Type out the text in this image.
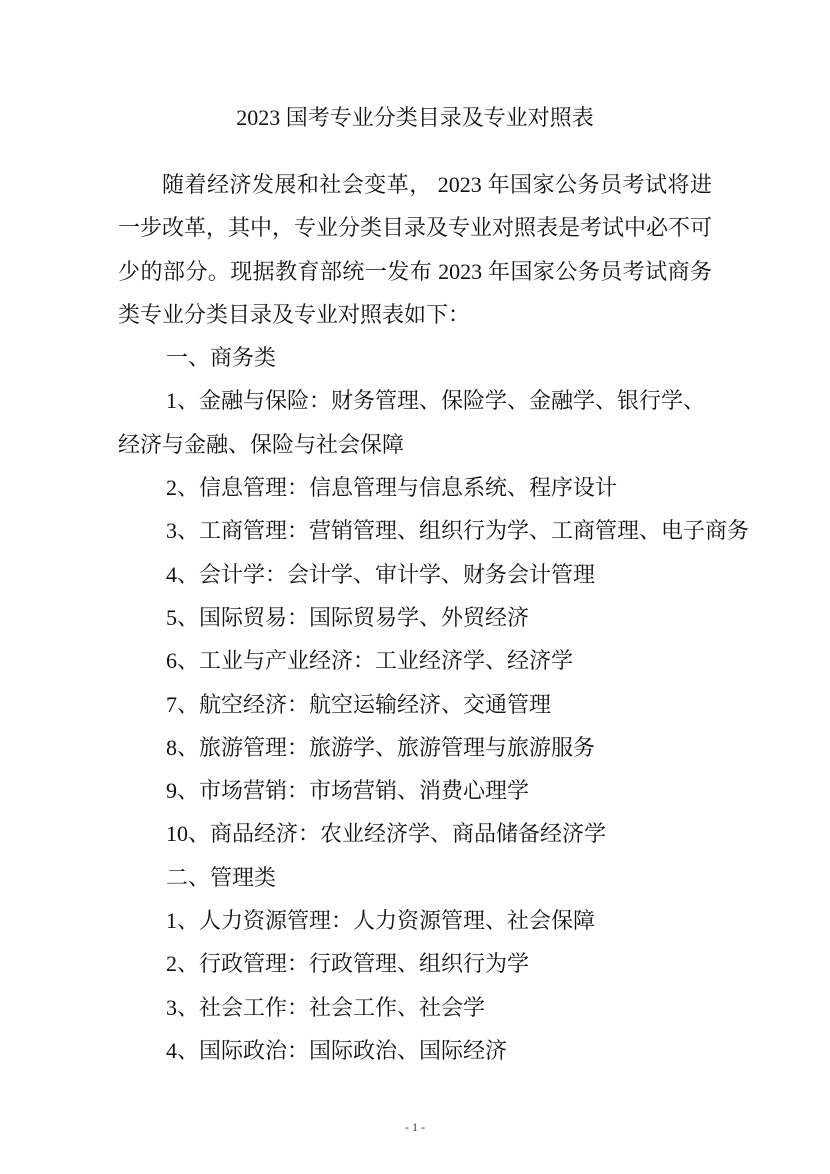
2023 国考专业分类目录及专业对照表

随着经济发展和社会变革， 2023 年国家公务员考试将进一步改革，其中，专业分类目录及专业对照表是考试中必不可少的部分。现据教育部统一发布 2023 年国家公务员考试商务类专业分类目录及专业对照表如下：

一、商务类

1、金融与保险：财务管理、保险学、金融学、银行学、经济与金融、保险与社会保障

2、信息管理：信息管理与信息系统、程序设计

3、工商管理：营销管理、组织行为学、工商管理、电子商务

4、会计学：会计学、审计学、财务会计管理

5、国际贸易：国际贸易学、外贸经济

6、工业与产业经济：工业经济学、经济学

7、航空经济：航空运输经济、交通管理

8、旅游管理：旅游学、旅游管理与旅游服务

9、市场营销：市场营销、消费心理学

10、商品经济：农业经济学、商品储备经济学

二、管理类

1、人力资源管理：人力资源管理、社会保障

2、行政管理：行政管理、组织行为学

3、社会工作：社会工作、社会学

4、国际政治：国际政治、国际经济

- 1 -
